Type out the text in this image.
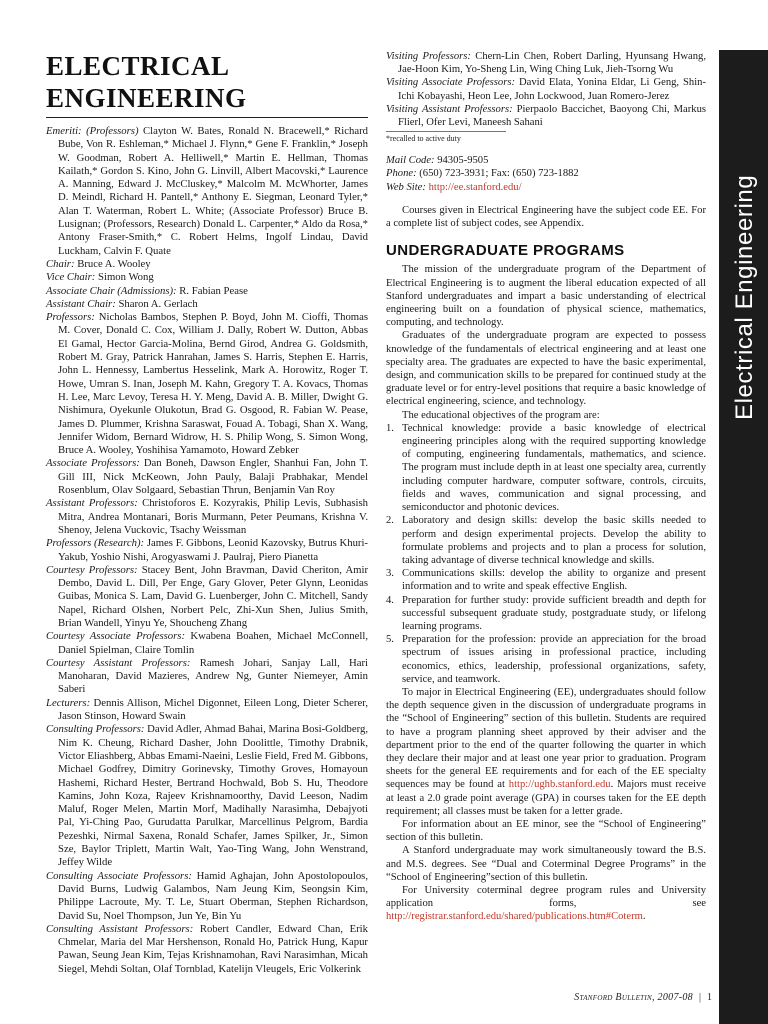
ELECTRICAL ENGINEERING

Emeriti: (Professors) Clayton W. Bates, Ronald N. Bracewell,* Richard Bube, Von R. Eshleman,* Michael J. Flynn,* Gene F. Franklin,* Joseph W. Goodman, Robert A. Helliwell,* Martin E. Hellman, Thomas Kailath,* Gordon S. Kino, John G. Linvill, Albert Macovski,* Laurence A. Manning, Edward J. McCluskey,* Malcolm M. McWhorter, James D. Meindl, Richard H. Pantell,* Anthony E. Siegman, Leonard Tyler,* Alan T. Waterman, Robert L. White; (Associate Professor) Bruce B. Lusignan; (Professors, Research) Donald L. Carpenter,* Aldo da Rosa,* Antony Fraser-Smith,* C. Robert Helms, Ingolf Lindau, David Luckham, Calvin F. Quate

Chair: Bruce A. Wooley

Vice Chair: Simon Wong

Associate Chair (Admissions): R. Fabian Pease

Assistant Chair: Sharon A. Gerlach

Professors: Nicholas Bambos, Stephen P. Boyd, John M. Cioffi, Thomas M. Cover, Donald C. Cox, William J. Dally, Robert W. Dutton, Abbas El Gamal, Hector Garcia-Molina, Bernd Girod, Andrea G. Goldsmith, Robert M. Gray, Patrick Hanrahan, James S. Harris, Stephen E. Harris, John L. Hennessy, Lambertus Hesselink, Mark A. Horowitz, Roger T. Howe, Umran S. Inan, Joseph M. Kahn, Gregory T. A. Kovacs, Thomas H. Lee, Marc Levoy, Teresa H. Y. Meng, David A. B. Miller, Dwight G. Nishimura, Oyekunle Olukotun, Brad G. Osgood, R. Fabian W. Pease, James D. Plummer, Krishna Saraswat, Fouad A. Tobagi, Shan X. Wang, Jennifer Widom, Bernard Widrow, H. S. Philip Wong, S. Simon Wong, Bruce A. Wooley, Yoshihisa Yamamoto, Howard Zebker

Associate Professors: Dan Boneh, Dawson Engler, Shanhui Fan, John T. Gill III, Nick McKeown, John Pauly, Balaji Prabhakar, Mendel Rosenblum, Olav Solgaard, Sebastian Thrun, Benjamin Van Roy

Assistant Professors: Christoforos E. Kozyrakis, Philip Levis, Subhasish Mitra, Andrea Montanari, Boris Murmann, Peter Peumans, Krishna V. Shenoy, Jelena Vuckovic, Tsachy Weissman

Professors (Research): James F. Gibbons, Leonid Kazovsky, Butrus Khuri-Yakub, Yoshio Nishi, Arogyaswami J. Paulraj, Piero Pianetta

Courtesy Professors: Stacey Bent, John Bravman, David Cheriton, Amir Dembo, David L. Dill, Per Enge, Gary Glover, Peter Glynn, Leonidas Guibas, Monica S. Lam, David G. Luenberger, John C. Mitchell, Sandy Napel, Richard Olshen, Norbert Pelc, Zhi-Xun Shen, Julius Smith, Brian Wandell, Yinyu Ye, Shoucheng Zhang

Courtesy Associate Professors: Kwabena Boahen, Michael McConnell, Daniel Spielman, Claire Tomlin

Courtesy Assistant Professors: Ramesh Johari, Sanjay Lall, Hari Manoharan, David Mazieres, Andrew Ng, Gunter Niemeyer, Amin Saberi

Lecturers: Dennis Allison, Michel Digonnet, Eileen Long, Dieter Scherer, Jason Stinson, Howard Swain

Consulting Professors: David Adler, Ahmad Bahai, Marina Bosi-Goldberg, Nim K. Cheung, Richard Dasher, John Doolittle, Timothy Drabnik, Victor Eliashberg, Abbas Emami-Naeini, Leslie Field, Fred M. Gibbons, Michael Godfrey, Dimitry Gorinevsky, Timothy Groves, Homayoun Hashemi, Richard Hester, Bertrand Hochwald, Bob S. Hu, Theodore Kamins, John Koza, Rajeev Krishnamoorthy, David Leeson, Nadim Maluf, Roger Melen, Martin Morf, Madihally Narasimha, Debajyoti Pal, Yi-Ching Pao, Gurudatta Parulkar, Marcellinus Pelgrom, Bardia Pezeshki, Nirmal Saxena, Ronald Schafer, James Spilker, Jr., Simon Sze, Baylor Triplett, Martin Walt, Yao-Ting Wang, John Wenstrand, Jeffey Wilde

Consulting Associate Professors: Hamid Aghajan, John Apostolopoulos, David Burns, Ludwig Galambos, Nam Jeung Kim, Seongsin Kim, Philippe Lacroute, My. T. Le, Stuart Oberman, Stephen Richardson, David Su, Noel Thompson, Jun Ye, Bin Yu

Consulting Assistant Professors: Robert Candler, Edward Chan, Erik Chmelar, Maria del Mar Hershenson, Ronald Ho, Patrick Hung, Kapur Pawan, Seung Jean Kim, Tejas Krishnamohan, Ravi Narasimhan, Micah Siegel, Mehdi Soltan, Olaf Tornblad, Katelijn Vleugels, Eric Volkerink

Visiting Professors: Chern-Lin Chen, Robert Darling, Hyunsang Hwang, Jae-Hoon Kim, Yo-Sheng Lin, Wing Ching Luk, Jieh-Tsorng Wu

Visiting Associate Professors: David Elata, Yonina Eldar, Li Geng, Shin-Ichi Kobayashi, Heon Lee, John Lockwood, Juan Romero-Jerez

Visiting Assistant Professors: Pierpaolo Baccichet, Baoyong Chi, Markus Flierl, Ofer Levi, Maneesh Sahani

*recalled to active duty
Mail Code: 94305-9505
Phone: (650) 723-3931; Fax: (650) 723-1882
Web Site: http://ee.stanford.edu/

Courses given in Electrical Engineering have the subject code EE. For a complete list of subject codes, see Appendix.

UNDERGRADUATE PROGRAMS

The mission of the undergraduate program of the Department of Electrical Engineering is to augment the liberal education expected of all Stanford undergraduates and impart a basic understanding of electrical engineering built on a foundation of physical science, mathematics, computing, and technology.

Graduates of the undergraduate program are expected to possess knowledge of the fundamentals of electrical engineering and at least one specialty area. The graduates are expected to have the basic experimental, design, and communication skills to be prepared for continued study at the graduate level or for entry-level positions that require a basic knowledge of electrical engineering, science, and technology.

The educational objectives of the program are:

1. Technical knowledge: provide a basic knowledge of electrical engineering principles along with the required supporting knowledge of computing, engineering fundamentals, mathematics, and science. The program must include depth in at least one specialty area, currently including computer hardware, computer software, controls, circuits, fields and waves, communication and signal processing, and semiconductor and photonic devices.
2. Laboratory and design skills: develop the basic skills needed to perform and design experimental projects. Develop the ability to formulate problems and projects and to plan a process for solution, taking advantage of diverse technical knowledge and skills.
3. Communications skills: develop the ability to organize and present information and to write and speak effective English.
4. Preparation for further study: provide sufficient breadth and depth for successful subsequent graduate study, postgraduate study, or lifelong learning programs.
5. Preparation for the profession: provide an appreciation for the broad spectrum of issues arising in professional practice, including economics, ethics, leadership, professional organizations, safety, service, and teamwork.

To major in Electrical Engineering (EE), undergraduates should follow the depth sequence given in the discussion of undergraduate programs in the “School of Engineering” section of this bulletin. Students are required to have a program planning sheet approved by their adviser and the department prior to the end of the quarter following the quarter in which they declare their major and at least one year prior to graduation. Program sheets for the general EE requirements and for each of the EE specialty sequences may be found at http://ughb.stanford.edu. Majors must receive at least a 2.0 grade point average (GPA) in courses taken for the EE depth requirement; all classes must be taken for a letter grade.

For information about an EE minor, see the “School of Engineering” section of this bulletin.

A Stanford undergraduate may work simultaneously toward the B.S. and M.S. degrees. See “Dual and Coterminal Degree Programs” in the “School of Engineering”section of this bulletin.

For University coterminal degree program rules and University application forms, see http://registrar.stanford.edu/shared/publications.htm#Coterm.

Electrical Engineering
Stanford Bulletin, 2007-08 | 1
